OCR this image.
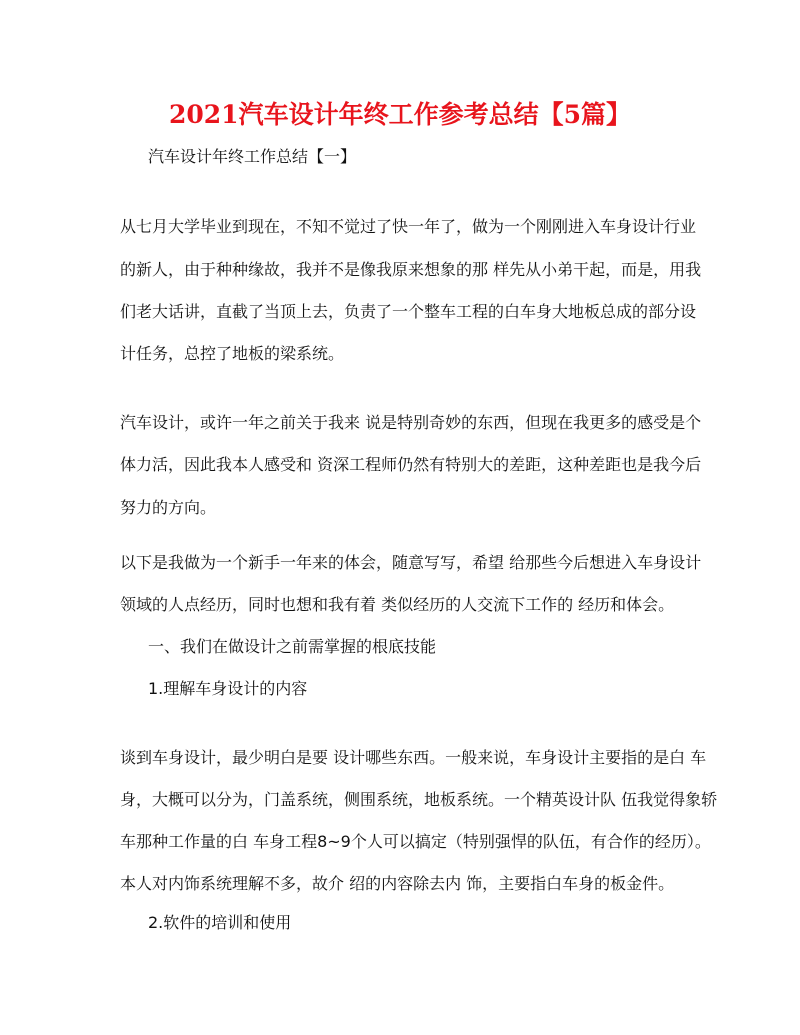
2021汽车设计年终工作参考总结【5篇】

汽车设计年终工作总结【一】

从七月大学毕业到现在，不知不觉过了快一年了，做为一个刚刚进入车身设计行业

的新人，由于种种缘故，我并不是像我原来想象的那 样先从小弟干起，而是，用我

们老大话讲，直截了当顶上去，负责了一个整车工程的白车身大地板总成的部分设

计任务，总控了地板的梁系统。

汽车设计，或许一年之前关于我来 说是特别奇妙的东西，但现在我更多的感受是个

体力活，因此我本人感受和 资深工程师仍然有特别大的差距，这种差距也是我今后

努力的方向。

以下是我做为一个新手一年来的体会，随意写写，希望 给那些今后想进入车身设计

领域的人点经历，同时也想和我有着 类似经历的人交流下工作的 经历和体会。

一、我们在做设计之前需掌握的根底技能

1.理解车身设计的内容

谈到车身设计，最少明白是要 设计哪些东西。一般来说，车身设计主要指的是白 车

身，大概可以分为，门盖系统，侧围系统，地板系统。一个精英设计队 伍我觉得象轿

车那种工作量的白 车身工程8~9个人可以搞定（特别强悍的队伍，有合作的经历）。

本人对内饰系统理解不多，故介 绍的内容除去内 饰，主要指白车身的板金件。

2.软件的培训和使用
